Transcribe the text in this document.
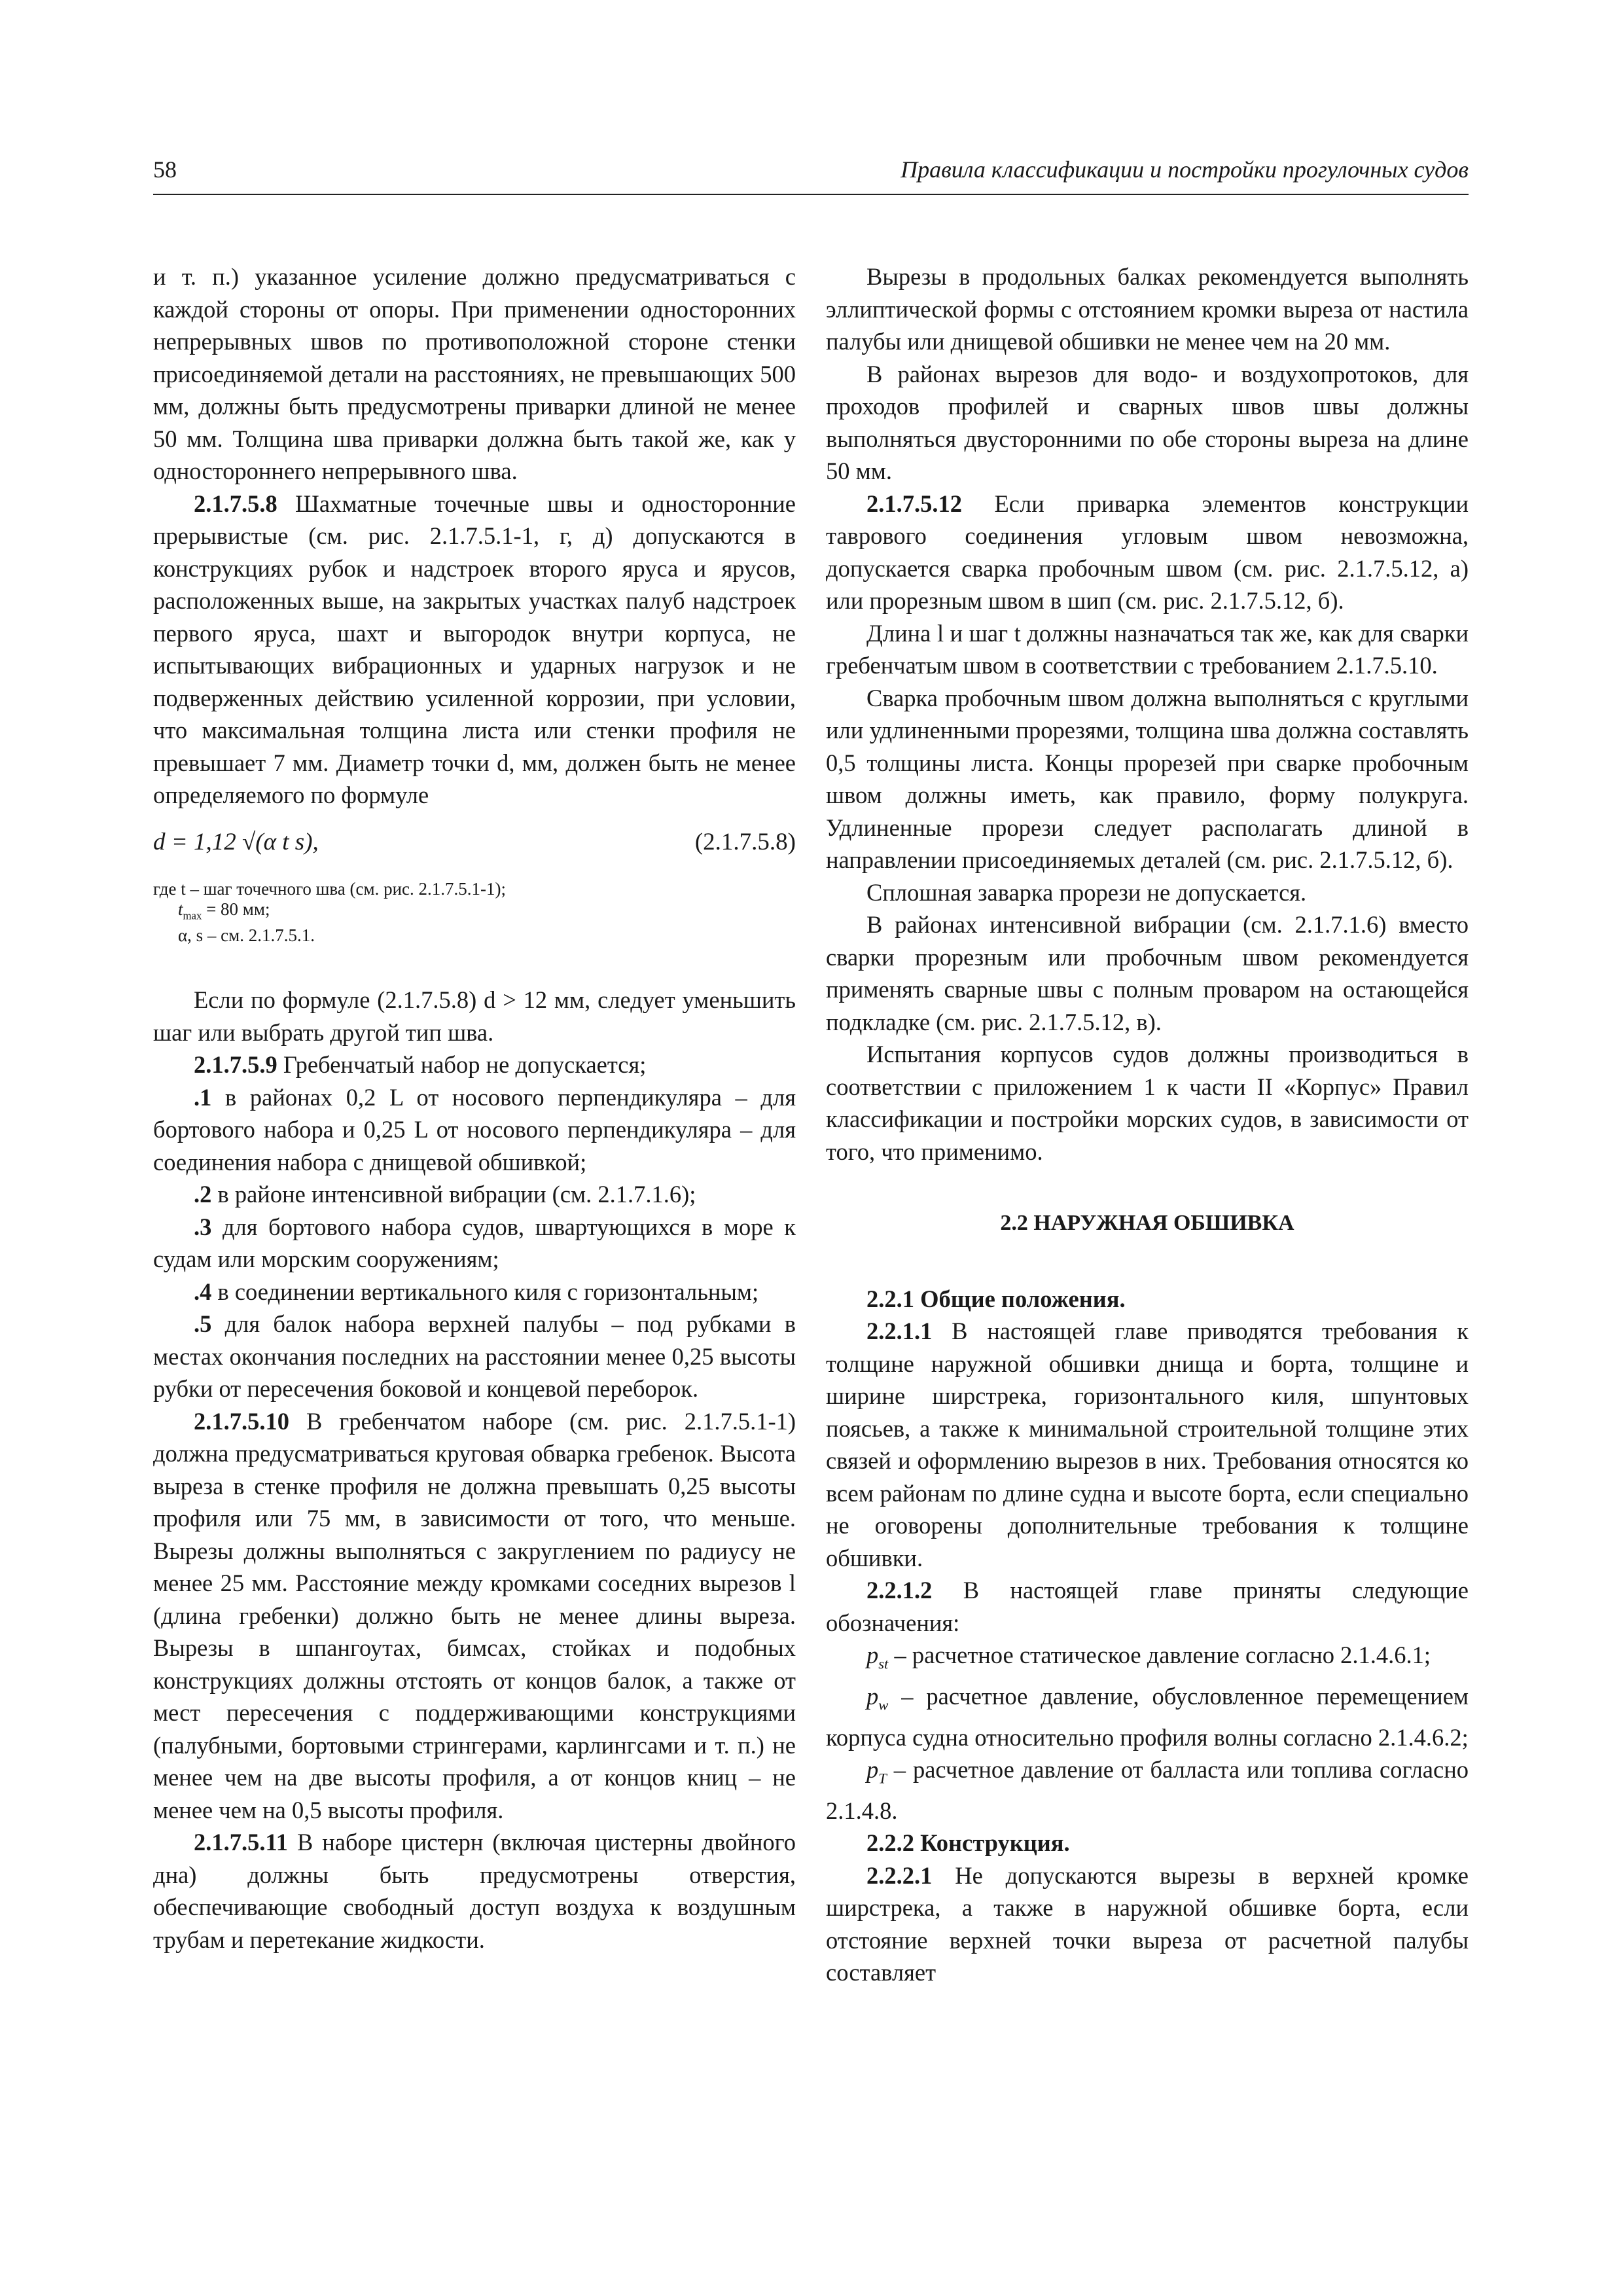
58	Правила классификации и постройки прогулочных судов

и т. п.) указанное усиление должно предусматриваться с каждой стороны от опоры. При применении односторонних непрерывных швов по противоположной стороне стенки присоединяемой детали на расстояниях, не превышающих 500 мм, должны быть предусмотрены приварки длиной не менее 50 мм. Толщина шва приварки должна быть такой же, как у одностороннего непрерывного шва.

2.1.7.5.8 Шахматные точечные швы и односторонние прерывистые (см. рис. 2.1.7.5.1-1, г, д) допускаются в конструкциях рубок и надстроек второго яруса и ярусов, расположенных выше, на закрытых участках палуб надстроек первого яруса, шахт и выгородок внутри корпуса, не испытывающих вибрационных и ударных нагрузок и не подверженных действию усиленной коррозии, при условии, что максимальная толщина листа или стенки профиля не превышает 7 мм. Диаметр точки d, мм, должен быть не менее определяемого по формуле

d = 1,12 √(α t s),	(2.1.7.5.8)
где t – шаг точечного шва (см. рис. 2.1.7.5.1-1);
$t_{max} = 80$ мм;
α, s – см. 2.1.7.5.1.

Если по формуле (2.1.7.5.8) d > 12 мм, следует уменьшить шаг или выбрать другой тип шва.

2.1.7.5.9 Гребенчатый набор не допускается;

.1 в районах 0,2 L от носового перпендикуляра – для бортового набора и 0,25 L от носового перпендикуляра – для соединения набора с днищевой обшивкой;

.2 в районе интенсивной вибрации (см. 2.1.7.1.6);

.3 для бортового набора судов, швартующихся в море к судам или морским сооружениям;

.4 в соединении вертикального киля с горизонтальным;

.5 для балок набора верхней палубы – под рубками в местах окончания последних на расстоянии менее 0,25 высоты рубки от пересечения боковой и концевой переборок.

2.1.7.5.10 В гребенчатом наборе (см. рис. 2.1.7.5.1-1) должна предусматриваться круговая обварка гребенок. Высота выреза в стенке профиля не должна превышать 0,25 высоты профиля или 75 мм, в зависимости от того, что меньше. Вырезы должны выполняться с закруглением по радиусу не менее 25 мм. Расстояние между кромками соседних вырезов l (длина гребенки) должно быть не менее длины выреза. Вырезы в шпангоутах, бимсах, стойках и подобных конструкциях должны отстоять от концов балок, а также от мест пересечения с поддерживающими конструкциями (палубными, бортовыми стрингерами, карлингсами и т. п.) не менее чем на две высоты профиля, а от концов книц – не менее чем на 0,5 высоты профиля.

2.1.7.5.11 В наборе цистерн (включая цистерны двойного дна) должны быть предусмотрены отверстия, обеспечивающие свободный доступ воздуха к воздушным трубам и перетекание жидкости.

Вырезы в продольных балках рекомендуется выполнять эллиптической формы с отстоянием кромки выреза от настила палубы или днищевой обшивки не менее чем на 20 мм.

В районах вырезов для водо- и воздухопротоков, для проходов профилей и сварных швов швы должны выполняться двусторонними по обе стороны выреза на длине 50 мм.

2.1.7.5.12 Если приварка элементов конструкции таврового соединения угловым швом невозможна, допускается сварка пробочным швом (см. рис. 2.1.7.5.12, а) или прорезным швом в шип (см. рис. 2.1.7.5.12, б).

Длина l и шаг t должны назначаться так же, как для сварки гребенчатым швом в соответствии с требованием 2.1.7.5.10.

Сварка пробочным швом должна выполняться с круглыми или удлиненными прорезями, толщина шва должна составлять 0,5 толщины листа. Концы прорезей при сварке пробочным швом должны иметь, как правило, форму полукруга. Удлиненные прорези следует располагать длиной в направлении присоединяемых деталей (см. рис. 2.1.7.5.12, б).

Сплошная заварка прорези не допускается.

В районах интенсивной вибрации (см. 2.1.7.1.6) вместо сварки прорезным или пробочным швом рекомендуется применять сварные швы с полным проваром на остающейся подкладке (см. рис. 2.1.7.5.12, в).

Испытания корпусов судов должны производиться в соответствии с приложением 1 к части II «Корпус» Правил классификации и постройки морских судов, в зависимости от того, что применимо.

2.2 НАРУЖНАЯ ОБШИВКА

2.2.1 Общие положения.

2.2.1.1 В настоящей главе приводятся требования к толщине наружной обшивки днища и борта, толщине и ширине ширстрека, горизонтального киля, шпунтовых поясьев, а также к минимальной строительной толщине этих связей и оформлению вырезов в них. Требования относятся ко всем районам по длине судна и высоте борта, если специально не оговорены дополнительные требования к толщине обшивки.

2.2.1.2 В настоящей главе приняты следующие обозначения:

$p_{st}$ – расчетное статическое давление согласно 2.1.4.6.1;

$p_w$ – расчетное давление, обусловленное перемещением корпуса судна относительно профиля волны согласно 2.1.4.6.2;

$p_T$ – расчетное давление от балласта или топлива согласно 2.1.4.8.

2.2.2 Конструкция.

2.2.2.1 Не допускаются вырезы в верхней кромке ширстрека, а также в наружной обшивке борта, если отстояние верхней точки выреза от расчетной палубы составляет
